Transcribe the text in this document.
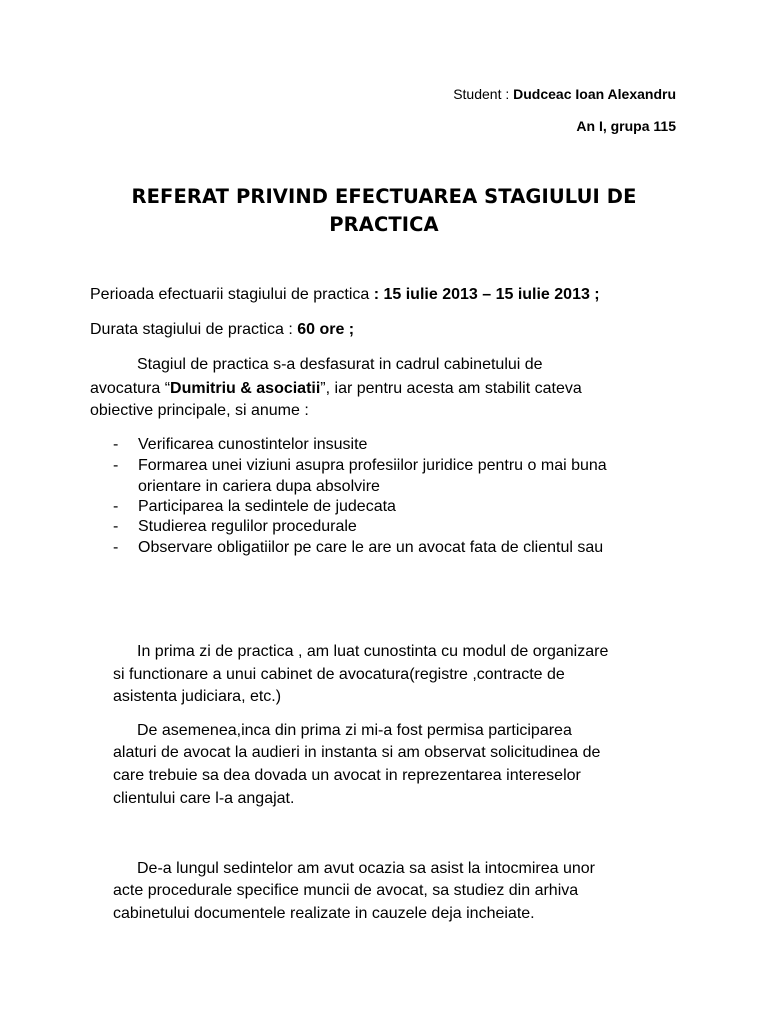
Student : Dudceac Ioan Alexandru
An I, grupa 115
REFERAT PRIVIND EFECTUAREA STAGIULUI DE
PRACTICA
Perioada efectuarii stagiului de practica : 15 iulie 2013 – 15 iulie 2013 ;
Durata stagiului de practica : 60 ore ;
Stagiul de practica s-a desfasurat in cadrul cabinetului de
avocatura “Dumitriu & asociatii”, iar pentru acesta am stabilit cateva
obiective principale, si anume :
- Verificarea cunostintelor insusite
- Formarea unei viziuni asupra profesiilor juridice pentru o mai buna
orientare in cariera dupa absolvire
- Participarea la sedintele de judecata
- Studierea regulilor procedurale
- Observare obligatiilor pe care le are un avocat fata de clientul sau
In prima zi de practica , am luat cunostinta cu modul de organizare
si functionare a unui cabinet de avocatura(registre ,contracte de
asistenta judiciara, etc.)
De asemenea,inca din prima zi mi-a fost permisa participarea
alaturi de avocat la audieri in instanta si am observat solicitudinea de
care trebuie sa dea dovada un avocat in reprezentarea intereselor
clientului care l-a angajat.
De-a lungul sedintelor am avut ocazia sa asist la intocmirea unor
acte procedurale specifice muncii de avocat, sa studiez din arhiva
cabinetului documentele realizate in cauzele deja incheiate.
